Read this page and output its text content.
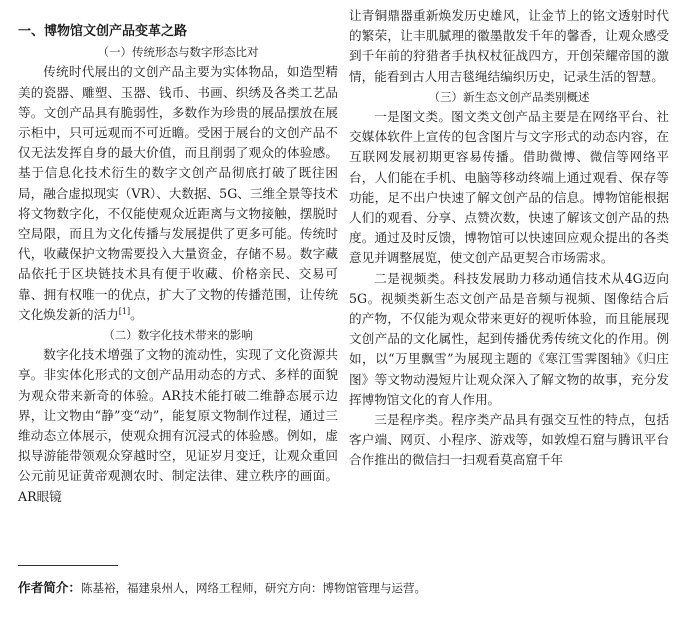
一、博物馆文创产品变革之路
（一）传统形态与数字形态比对

传统时代展出的文创产品主要为实体物品，如造型精美的瓷器、雕塑、玉器、钱币、书画、织绣及各类工艺品等。文创产品具有脆弱性，多数作为珍贵的展品摆放在展示柜中，只可远观而不可近瞻。受困于展台的文创产品不仅无法发挥自身的最大价值，而且削弱了观众的体验感。基于信息化技术衍生的数字文创产品彻底打破了既往困局，融合虚拟现实（VR）、大数据、5G、三维全景等技术将文物数字化，不仅能使观众近距离与文物接触，摆脱时空局限，而且为文化传播与发展提供了更多可能。传统时代，收藏保护文物需要投入大量资金，存储不易。数字藏品依托于区块链技术具有便于收藏、价格亲民、交易可靠、拥有权唯一的优点，扩大了文物的传播范围，让传统文化焕发新的活力[1]。

（二）数字化技术带来的影响

数字化技术增强了文物的流动性，实现了文化资源共享。非实体化形式的文创产品用动态的方式、多样的面貌为观众带来新奇的体验。AR技术能打破二维静态展示边界，让文物由“静”变“动”，能复原文物制作过程，通过三维动态立体展示，使观众拥有沉浸式的体验感。例如，虚拟导游能带领观众穿越时空，见证岁月变迁，让观众重回公元前见证黄帝观测农时、制定法律、建立秩序的画面。AR眼镜

让青铜鼎器重新焕发历史雄风，让金节上的铭文透射时代的繁荣，让丰肌腻理的徽墨散发千年的馨香，让观众感受到千年前的狩猎者手执权杖征战四方，开创荣耀帝国的激情，能看到古人用吉毯绳结编织历史，记录生活的智慧。

（三）新生态文创产品类别概述

一是图文类。图文类文创产品主要是在网络平台、社交媒体软件上宣传的包含图片与文字形式的动态内容，在互联网发展初期更容易传播。借助微博、微信等网络平台，人们能在手机、电脑等移动终端上通过观看、保存等功能，足不出户快速了解文创产品的信息。博物馆能根据人们的观看、分享、点赞次数，快速了解该文创产品的热度。通过及时反馈，博物馆可以快速回应观众提出的各类意见并调整展览，使文创产品更契合市场需求。

二是视频类。科技发展助力移动通信技术从4G迈向5G。视频类新生态文创产品是音频与视频、图像结合后的产物，不仅能为观众带来更好的视听体验，而且能展现文创产品的文化属性，起到传播优秀传统文化的作用。例如，以“万里飘雪”为展现主题的《寒江雪霁图轴》《归庄图》等文物动漫短片让观众深入了解文物的故事，充分发挥博物馆文化的育人作用。

三是程序类。程序类产品具有强交互性的特点，包括客户端、网页、小程序、游戏等，如敦煌石窟与腾讯平台合作推出的微信扫一扫观看莫高窟千年

作者简介：陈基裕，福建泉州人，网络工程师，研究方向：博物馆管理与运营。
